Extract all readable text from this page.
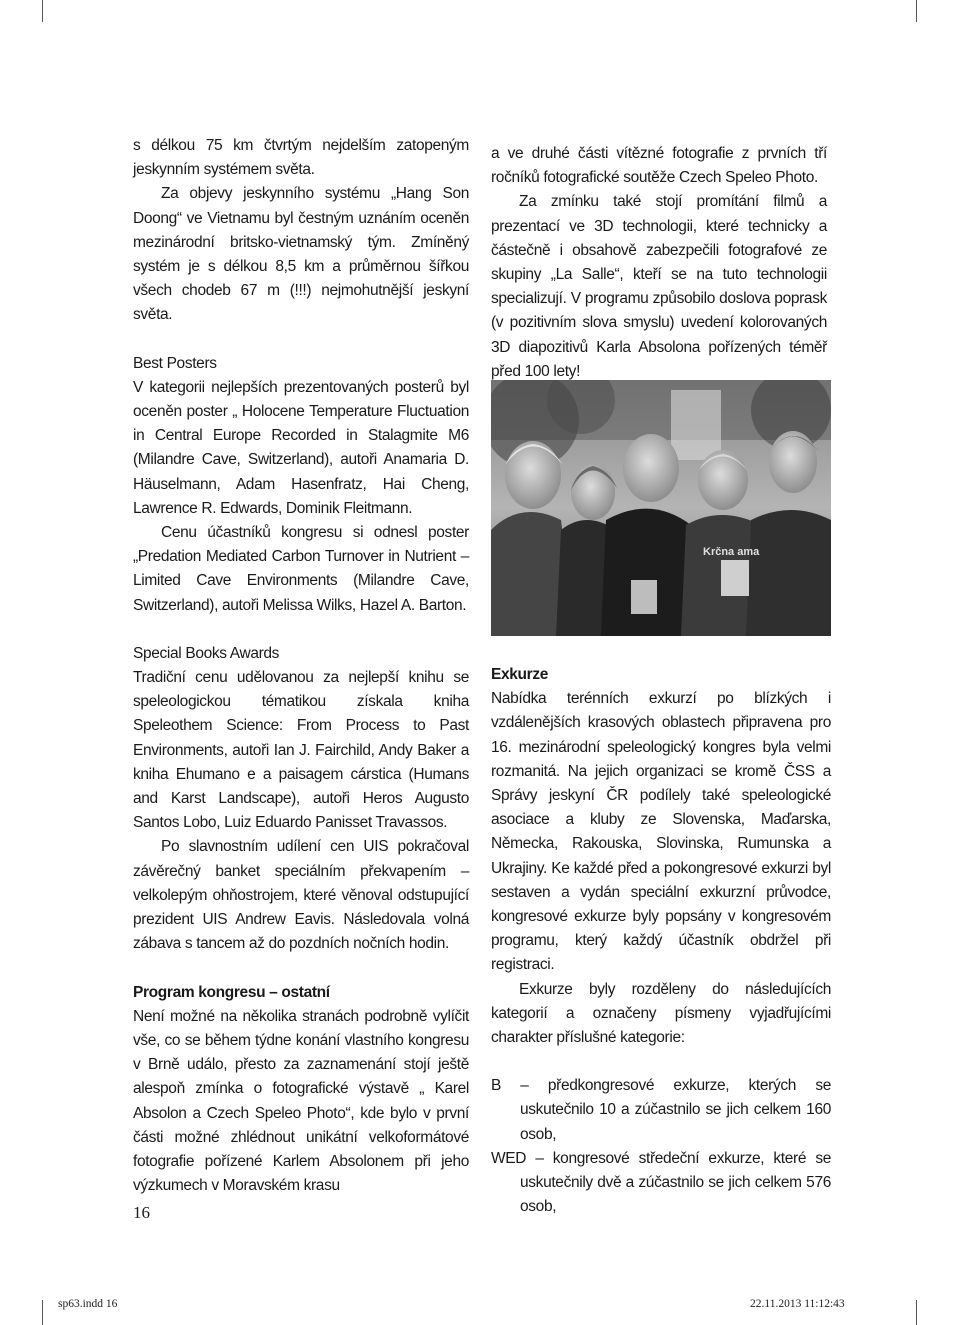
s délkou 75 km čtvrtým nejdelším zatopeným jeskynním systémem světa.

Za objevy jeskynního systému „Hang Son Doong“ ve Vietnamu byl čestným uznáním oceněn mezinárodní britsko-vietnamský tým. Zmíněný systém je s délkou 8,5 km a průměrnou šířkou všech chodeb 67 m (!!!) nejmohutnější jeskyní světa.

Best Posters

V kategorii nejlepších prezentovaných posterů byl oceněn poster „ Holocene Temperature Fluctuation in Central Europe Recorded in Stalagmite M6 (Milandre Cave, Switzerland), autoři Anamaria D. Häuselmann, Adam Hasenfratz, Hai Cheng, Lawrence R. Edwards, Dominik Fleitmann.

Cenu účastníků kongresu si odnesl poster „Predation Mediated Carbon Turnover in Nutrient – Limited Cave Environments (Milandre Cave, Switzerland), autoři Melissa Wilks, Hazel A. Barton.

Special Books Awards

Tradiční cenu udělovanou za nejlepší knihu se speleologickou tématikou získala kniha Speleothem Science: From Process to Past Environments, autoři Ian J. Fairchild, Andy Baker a kniha Ehumano e a paisagem cárstica (Humans and Karst Landscape), autoři Heros Augusto Santos Lobo, Luiz Eduardo Panisset Travassos.

Po slavnostním udílení cen UIS pokračoval závěrečný banket speciálním překvapením – velkolepým ohňostrojem, které věnoval odstupující prezident UIS Andrew Eavis. Následovala volná zábava s tancem až do pozdních nočních hodin.

Program kongresu – ostatní

Není možné na několika stranách podrobně vylíčit vše, co se během týdne konání vlastního kongresu v Brně událo, přesto za zaznamenání stojí ještě alespoň zmínka o fotografické výstavě „ Karel Absolon a Czech Speleo Photo“, kde bylo v první části možné zhlédnout unikátní velkoformátové fotografie pořízené Karlem Absolonem při jeho výzkumech v Moravském krasu

a ve druhé části vítězné fotografie z prvních tří ročníků fotografické soutěže Czech Speleo Photo.

Za zmínku také stojí promítání filmů a prezentací ve 3D technologii, které technicky a částečně i obsahově zabezpečili fotografové ze skupiny „La Salle“, kteří se na tuto technologii specializují. V programu způsobilo doslova poprask (v pozitivním slova smyslu) uvedení kolorovaných 3D diapozitivů Karla Absolona pořízených téměř před 100 lety!

Krčna ama
Exkurze

Nabídka terénních exkurzí po blízkých i vzdálenějších krasových oblastech připravena pro 16. mezinárodní speleologický kongres byla velmi rozmanitá. Na jejich organizaci se kromě ČSS a Správy jeskyní ČR podílely také speleologické asociace a kluby ze Slovenska, Maďarska, Německa, Rakouska, Slovinska, Rumunska a Ukrajiny. Ke každé před a pokongresové exkurzi byl sestaven a vydán speciální exkurzní průvodce, kongresové exkurze byly popsány v kongresovém programu, který každý účastník obdržel při registraci.

Exkurze byly rozděleny do následujících kategorií a označeny písmeny vyjadřujícími charakter příslušné kategorie:

B – předkongresové exkurze, kterých se uskutečnilo 10 a zúčastnilo se jich celkem 160 osob,

WED – kongresové středeční exkurze, které se uskutečnily dvě a zúčastnilo se jich celkem 576 osob,

16
sp63.indd 16	22.11.2013 11:12:43
